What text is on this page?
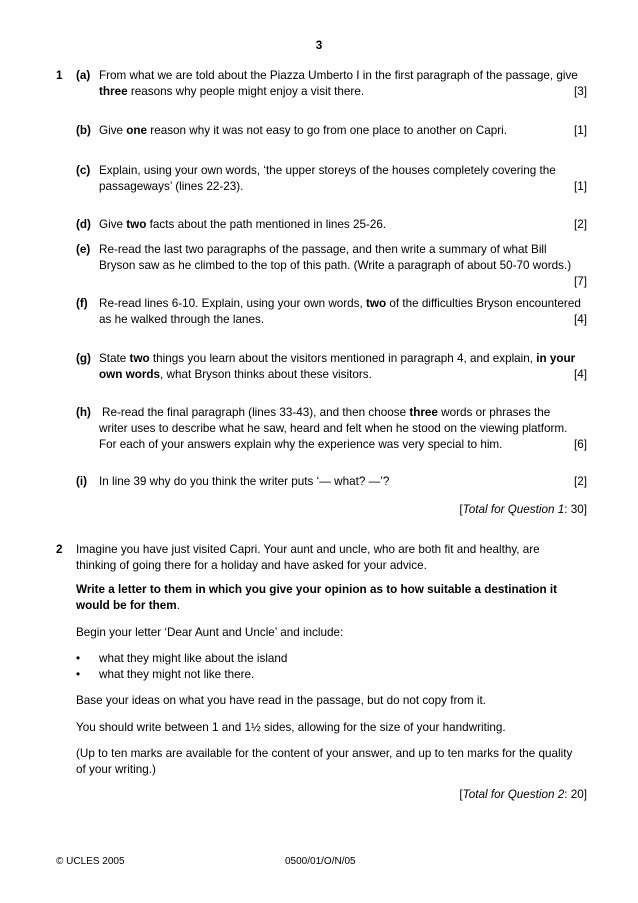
3
1 (a) From what we are told about the Piazza Umberto I in the first paragraph of the passage, give
three reasons why people might enjoy a visit there.	[3]
(b) Give one reason why it was not easy to go from one place to another on Capri.	[1]
(c) Explain, using your own words, ‘the upper storeys of the houses completely covering the
passageways’ (lines 22-23).	[1]
(d) Give two facts about the path mentioned in lines 25-26.	[2]
(e) Re-read the last two paragraphs of the passage, and then write a summary of what Bill
Bryson saw as he climbed to the top of this path. (Write a paragraph of about 50-70 words.)
[7]
(f) Re-read lines 6-10. Explain, using your own words, two of the difficulties Bryson encountered
as he walked through the lanes.	[4]
(g) State two things you learn about the visitors mentioned in paragraph 4, and explain, in your
own words, what Bryson thinks about these visitors.	[4]
(h) Re-read the final paragraph (lines 33-43), and then choose three words or phrases the
writer uses to describe what he saw, heard and felt when he stood on the viewing platform.
For each of your answers explain why the experience was very special to him.	[6]
(i) In line 39 why do you think the writer puts ‘— what? —’?	[2]
[Total for Question 1: 30]
2 Imagine you have just visited Capri. Your aunt and uncle, who are both fit and healthy, are
thinking of going there for a holiday and have asked for your advice.
Write a letter to them in which you give your opinion as to how suitable a destination it
would be for them.
Begin your letter ‘Dear Aunt and Uncle’ and include:
• what they might like about the island
• what they might not like there.
Base your ideas on what you have read in the passage, but do not copy from it.
You should write between 1 and 1½ sides, allowing for the size of your handwriting.
(Up to ten marks are available for the content of your answer, and up to ten marks for the quality
of your writing.)
[Total for Question 2: 20]
© UCLES 2005	0500/01/O/N/05
